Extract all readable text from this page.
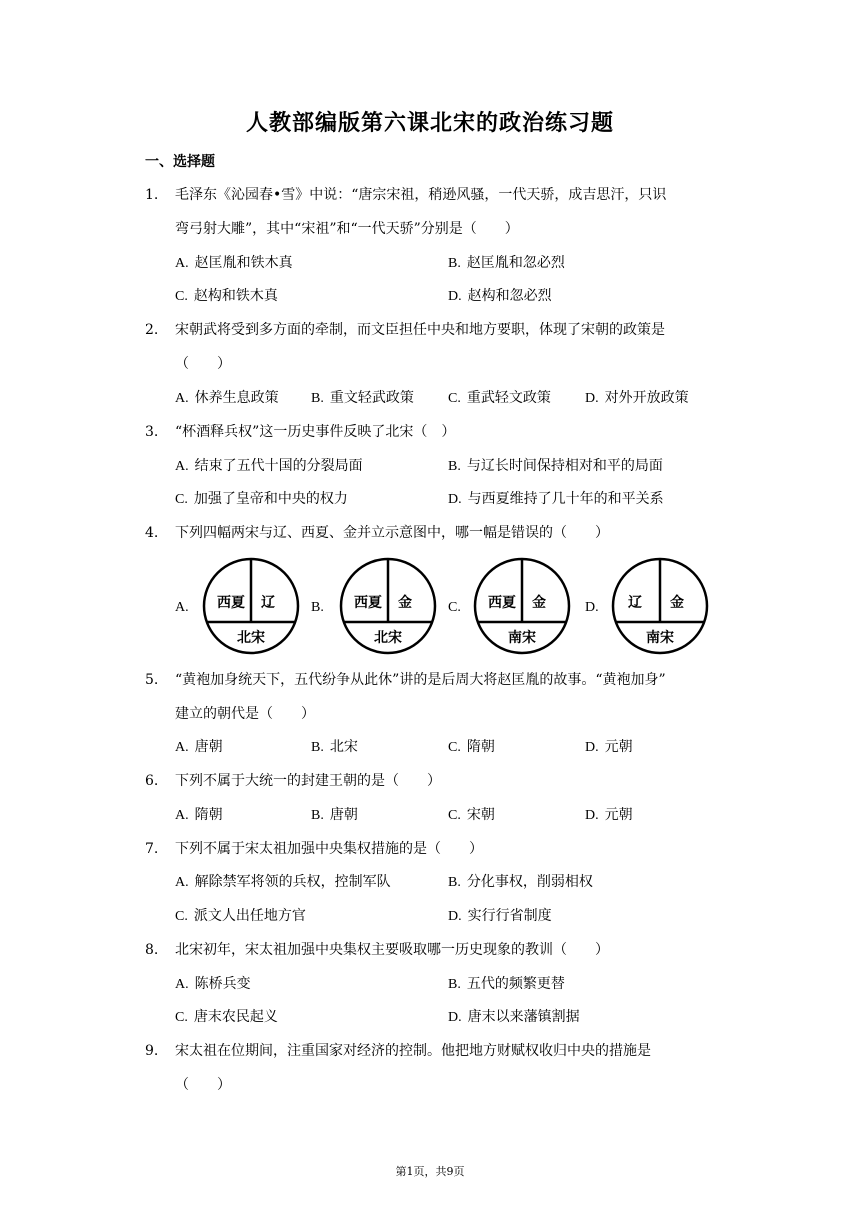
人教部编版第六课北宋的政治练习题
一、选择题
1. 毛泽东《沁园春•雪》中说：“唐宗宋祖，稍逊风骚，一代天骄，成吉思汗，只识
弯弓射大雕”，其中“宋祖”和“一代天骄”分别是（　　）
A. 赵匡胤和铁木真	B. 赵匡胤和忽必烈
C. 赵构和铁木真	D. 赵构和忽必烈
2. 宋朝武将受到多方面的牵制，而文臣担任中央和地方要职，体现了宋朝的政策是
（　　）
A. 休养生息政策 B. 重文轻武政策 C. 重武轻文政策 D. 对外开放政策
3. “杯酒释兵权”这一历史事件反映了北宋（　）
A. 结束了五代十国的分裂局面	B. 与辽长时间保持相对和平的局面
C. 加强了皇帝和中央的权力	D. 与西夏维持了几十年的和平关系
4. 下列四幅两宋与辽、西夏、金并立示意图中，哪一幅是错误的（　　）
A.	西夏 辽
北宋
B.	西夏 金
北宋
C.	西夏 金
南宋
D.	辽 金
南宋
5. “黄袍加身统天下，五代纷争从此休”讲的是后周大将赵匡胤的故事。“黄袍加身”
建立的朝代是（　　）
A. 唐朝	B. 北宋	C. 隋朝	D. 元朝
6. 下列不属于大统一的封建王朝的是（　　）
A. 隋朝	B. 唐朝	C. 宋朝	D. 元朝
7. 下列不属于宋太祖加强中央集权措施的是（　　）
A. 解除禁军将领的兵权，控制军队	B. 分化事权，削弱相权
C. 派文人出任地方官	D. 实行行省制度
8. 北宋初年，宋太祖加强中央集权主要吸取哪一历史现象的教训（　　）
A. 陈桥兵变	B. 五代的频繁更替
C. 唐末农民起义	D. 唐末以来藩镇割据
9. 宋太祖在位期间，注重国家对经济的控制。他把地方财赋权收归中央的措施是
（　　）
第1页，共9页
